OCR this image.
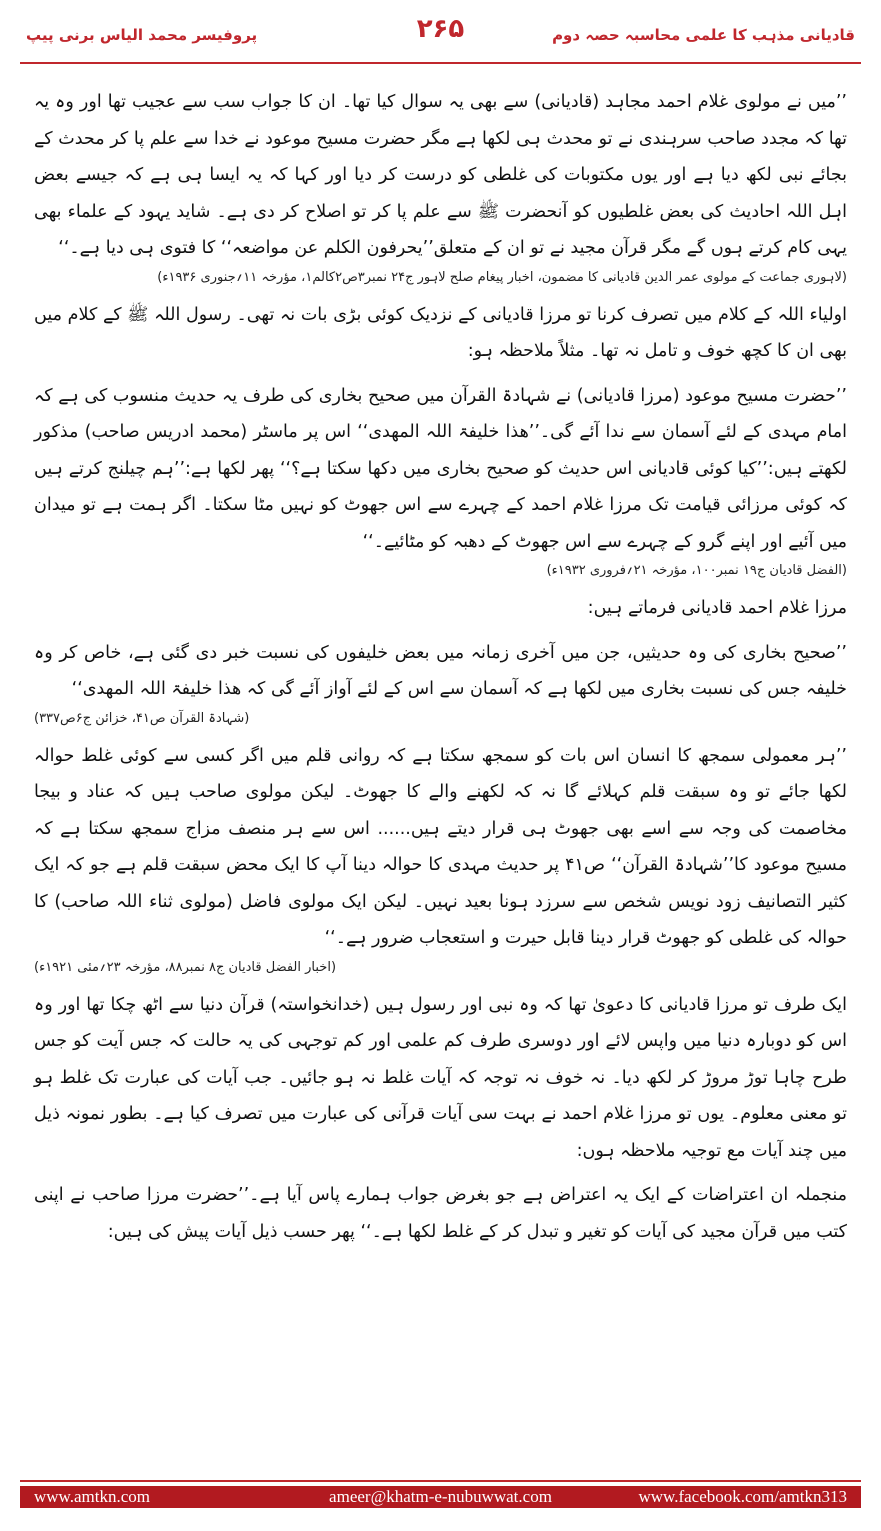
پروفیسر محمد الیاس برنی پیپ	۲۶۵	قادیانی مذہب کا علمی محاسبہ حصہ دوم

’’میں نے مولوی غلام احمد مجاہد (قادیانی) سے بھی یہ سوال کیا تھا۔ ان کا جواب سب سے عجیب تھا اور وہ یہ تھا کہ مجدد صاحب سرہندی نے تو محدث ہی لکھا ہے مگر حضرت مسیح موعود نے خدا سے علم پا کر محدث کے بجائے نبی لکھ دیا ہے اور یوں مکتوبات کی غلطی کو درست کر دیا اور کہا کہ یہ ایسا ہی ہے کہ جیسے بعض اہل اللہ احادیث کی بعض غلطیوں کو آنحضرت ﷺ سے علم پا کر تو اصلاح کر دی ہے۔ شاید یہود کے علماء بھی یہی کام کرتے ہوں گے مگر قرآن مجید نے تو ان کے متعلق’’یحرفون الکلم عن مواضعہ‘‘ کا فتوی ہی دیا ہے۔‘‘

(لاہوری جماعت کے مولوی عمر الدین قادیانی کا مضمون، اخبار پیغام صلح لاہور ج۲۴ نمبر۳ص۲کالم۱، مؤرخہ ۱۱؍جنوری ۱۹۳۶ء)

اولیاء اللہ کے کلام میں تصرف کرنا تو مرزا قادیانی کے نزدیک کوئی بڑی بات نہ تھی۔ رسول اللہ ﷺ کے کلام میں بھی ان کا کچھ خوف و تامل نہ تھا۔ مثلاً ملاحظہ ہو:

’’حضرت مسیح موعود (مرزا قادیانی) نے شہادۃ القرآن میں صحیح بخاری کی طرف یہ حدیث منسوب کی ہے کہ امام مہدی کے لئے آسمان سے ندا آئے گی۔’’ھذا خلیفۃ اللہ المھدی‘‘ اس پر ماسٹر (محمد ادریس صاحب) مذکور لکھتے ہیں:’’کیا کوئی قادیانی اس حدیث کو صحیح بخاری میں دکھا سکتا ہے؟‘‘ پھر لکھا ہے:’’ہم چیلنج کرتے ہیں کہ کوئی مرزائی قیامت تک مرزا غلام احمد کے چہرے سے اس جھوٹ کو نہیں مٹا سکتا۔ اگر ہمت ہے تو میدان میں آئیے اور اپنے گرو کے چہرے سے اس جھوٹ کے دھبہ کو مٹائیے۔‘‘

(الفضل قادیان ج۱۹ نمبر۱۰۰، مؤرخہ ۲۱؍فروری ۱۹۳۲ء)

مرزا غلام احمد قادیانی فرماتے ہیں:

’’صحیح بخاری کی وہ حدیثیں، جن میں آخری زمانہ میں بعض خلیفوں کی نسبت خبر دی گئی ہے، خاص کر وہ خلیفہ جس کی نسبت بخاری میں لکھا ہے کہ آسمان سے اس کے لئے آواز آئے گی کہ ھذا خلیفۃ اللہ المھدی‘‘

(شہادۃ القرآن ص۴۱، خزائن ج۶ص۳۳۷)

’’ہر معمولی سمجھ کا انسان اس بات کو سمجھ سکتا ہے کہ روانی قلم میں اگر کسی سے کوئی غلط حوالہ لکھا جائے تو وہ سبقت قلم کہلائے گا نہ کہ لکھنے والے کا جھوٹ۔ لیکن مولوی صاحب ہیں کہ عناد و بیجا مخاصمت کی وجہ سے اسے بھی جھوٹ ہی قرار دیتے ہیں...... اس سے ہر منصف مزاج سمجھ سکتا ہے کہ مسیح موعود کا’’شہادۃ القرآن‘‘ ص۴۱ پر حدیث مہدی کا حوالہ دینا آپ کا ایک محض سبقت قلم ہے جو کہ ایک کثیر التصانیف زود نویس شخص سے سرزد ہونا بعید نہیں۔ لیکن ایک مولوی فاضل (مولوی ثناء اللہ صاحب) کا حوالہ کی غلطی کو جھوٹ قرار دینا قابل حیرت و استعجاب ضرور ہے۔‘‘

(اخبار الفضل قادیان ج۸ نمبر۸۸، مؤرخہ ۲۳؍مئی ۱۹۲۱ء)

ایک طرف تو مرزا قادیانی کا دعویٰ تھا کہ وہ نبی اور رسول ہیں (خدانخواستہ) قرآن دنیا سے اٹھ چکا تھا اور وہ اس کو دوبارہ دنیا میں واپس لائے اور دوسری طرف کم علمی اور کم توجہی کی یہ حالت کہ جس آیت کو جس طرح چاہا توڑ مروڑ کر لکھ دیا۔ نہ خوف نہ توجہ کہ آیات غلط نہ ہو جائیں۔ جب آیات کی عبارت تک غلط ہو تو معنی معلوم۔ یوں تو مرزا غلام احمد نے بہت سی آیات قرآنی کی عبارت میں تصرف کیا ہے۔ بطور نمونہ ذیل میں چند آیات مع توجیہ ملاحظہ ہوں:

منجملہ ان اعتراضات کے ایک یہ اعتراض ہے جو بغرض جواب ہمارے پاس آیا ہے۔’’حضرت مرزا صاحب نے اپنی کتب میں قرآن مجید کی آیات کو تغیر و تبدل کر کے غلط لکھا ہے۔‘‘ پھر حسب ذیل آیات پیش کی ہیں:

www.amtkn.com	ameer@khatm-e-nubuwwat.com	www.facebook.com/amtkn313
